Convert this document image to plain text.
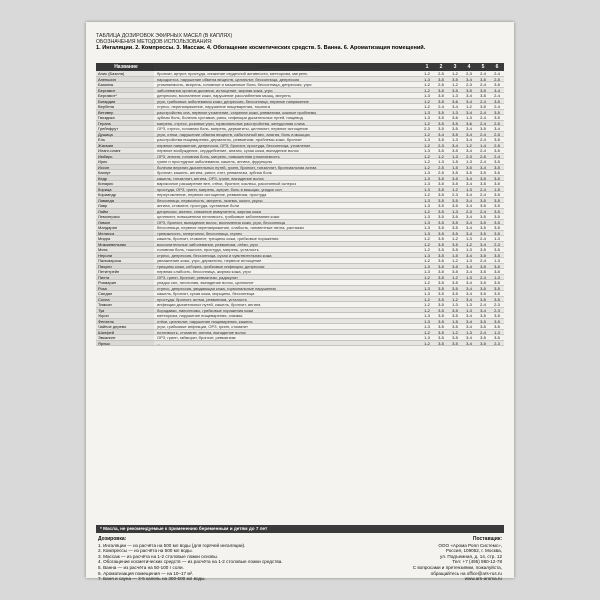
ТАБЛИЦА ДОЗИРОВОК ЭФИРНЫХ МАСЕЛ (В КАПЛЯХ)
ОБОЗНАЧЕНИЯ МЕТОДОВ ИСПОЛЬЗОВАНИЯ:
1. Ингаляции. 2. Компрессы. 3. Массаж. 4. Обогащение косметических средств. 5. Ванна. 6. Ароматизация помещений.
Название	Показания к применению	1	2	3	4	5	6
Анис (Базили)	бронхит, артрит, простуда, снижение сердечной активности, метеоризм, мигрень	1-2	2-5	1-2	2-3	2-4	2-4
Апельсин	пародонтоз, нарушение обмена веществ, целлюлит, бессонница, депрессия	1-3	3-5	3-5	3-4	3-5	2-5
Базилик	утомляемость, мигрень, головные и мышечные боли, бессонница, депрессия, угри	1-2	2-5	1-2	2-3	2-4	3-5
Бергамот	заболевания органов дыхания, истощение, жирная кожа, угри	1-2	3-5	3-5	3-5	3-5	3-4
Бергамот*	депрессия, воспаление кожи, нарушение расслабления мышц, мигрень	1-3	3-5	1-3	3-4	3-5	2-4
Бигардия	угри, грибковые заболевания кожи, депрессия, бессонница, нервное напряжение	1-2	3-5	3-6	3-4	2-4	3-5
Вербена	стресс, перенапряжение, нарушение пищеварения, тошнота	1-2	2-4	3-4	1-2	3-5	2-4
Ветивер	расстройство сна, нервное утомление, старение кожи, ревматизм, кожные проблемы	1-3	3-5	1-3	3-4	2-4	3-5
Гвоздика	зубная боль, болезнь суставов, раны, инфекции дыхательных путей, пищевод	1-3	3-5	3-6	1-3	2-4	3-5
Герань	мигрень, стресс, розовые угри, гормональные расстройства, желудочная слизь	1-2	3-5	3-5	3-6	2-4	2-5
Грейпфрут	ОРЗ, стресс, головная боль, мигрень, дерматиты, целлюлит, нервное истощение	2-3	3-5	3-5	3-4	3-5	3-4
Душица	угри, отеки, нарушение обмена веществ, избыточный вес, апатия, боль в мышцах	1-2	3-4	3-5	3-4	2-4	2-5
Ель	расстройства пищеварения, дерматиты, ревматизм, проблемы кожи, бронхит	1-3	3-5	1-3	3-4	2-4	3-5
Жасмин	нервное напряжение, депрессия, ОРЗ, бронхит, простуда, бессонница, утомление	1-2	2-3	3-4	1-2	1-4	2-5
Иланг-иланг	нервное возбуждение, сердцебиение, апатия, сухая кожа, выпадение волос	1-3	3-5	3-5	3-4	2-4	3-5
Имбирь	ОРЗ, ангина, головная боль, мигрень, повышенная утомляемость	1-2	1-2	1-3	2-3	2-5	2-4
Ирис	грипп и простудные заболевания, кашель, ангина, фурункулы	1-2	1-3	1-5	1-3	2-4	3-5
Иссоп	болезни верхних дыхательных путей, грипп, бронхит, тонзиллит, бронхиальная астма	1-2	2-5	1-5	3-5	3-4	3-5
Каяпут	бронхит, кашель, ангина, ринит, отит, ревматизм, зубная боль	1-3	2-5	3-5	3-5	3-5	3-5
Кедр	кашель, тонзиллит, ангина, ОРЗ, грипп, выпадение волос	1-3	3-5	3-5	3-4	3-5	3-5
Кипарис	варикозное расширение вен, отёки, бронхит, коклюш, рассеянный склероз	1-3	3-5	3-5	3-4	3-5	3-5
Корица	простуда, ОРЗ, грипп, мигрень, артрит, боль в мышцах, упадок сил	1-3	3-5	1-2	1-3	2-4	1-5
Кориандр	переутомление, нервное истощение, ревматизм, простуда	1-2	3-5	2-3	3-4	2-4	3-5
Лаванда	бессонница, нервозность, мигрень, экзема, ожоги, укусы	1-3	3-5	3-5	3-4	3-5	3-5
Лавр	ангина, стоматит, простуда, суставные боли	1-3	3-5	3-5	3-4	3-5	3-5
Лайм	депрессия, апатия, снижение иммунитета, жирная кожа	1-2	3-5	1-3	2-3	2-4	3-5
Лемонграсс	целлюлит, повышенная потливость, грибковые заболевания кожи	1-3	3-5	3-5	3-4	3-5	3-5
Лимон	ОРЗ, бронхит, выпадение волос, воспаления кожи, угри, бессонница	1-3	3-5	3-5	3-4	3-5	3-5
Мандарин	бессонница, нервное перенапряжение, слабость, пигментные пятна, растяжки	1-3	3-5	3-5	3-4	3-5	3-5
Мелисса	тревожность, гипертония, бессонница, герпес	1-3	3-5	3-5	3-4	3-5	3-5
Мирра	кашель, бронхит, стоматит, трещины кожи, грибковые поражения	1-2	3-5	1-2	1-3	2-4	1-3
Можжевельник	воспалительные заболевания, ревматизм, отёки, угри	1-2	3-5	3-5	1-2	3-4	2-3
Мята	головная боль, тошнота, простуда, мигрень, усталость	1-2	3-5	3-5	1-3	3-5	3-5
Нероли	стресс, депрессия, бессонница, сухая и чувствительная кожа	1-3	3-5	1-5	3-4	3-5	3-5
Пальмароза	увлажнение кожи, угри, дерматиты, нервное истощение	1-2	3-5	1-2	1-3	2-4	1-3
Пачули	трещины кожи, себорея, грибковые инфекции, депрессия	1-3	3-5	3-5	3-4	3-5	3-5
Петитгрейн	нервная слабость, бессонница, жирная кожа, угри	1-3	3-5	3-5	3-4	3-5	3-5
Пихта	ОРЗ, грипп, бронхит, ревматизм, радикулит	1-2	3-5	1-2	1-3	2-4	1-3
Розмарин	упадок сил, гипотония, выпадение волос, целлюлит	1-2	3-5	3-5	3-4	3-5	3-5
Роза	стресс, депрессия, увядающая кожа, гормональные нарушения	1-3	3-5	3-5	3-4	3-5	3-5
Сандал	кашель, бронхит, сухая кожа, морщины, бессонница	1-3	3-5	3-5	3-4	3-5	3-5
Сосна	простуда, бронхит, астма, ревматизм, усталость	1-2	3-5	1-2	3-4	3-5	3-5
Тимьян	инфекции дыхательных путей, кашель, бронхит, ангина	1-2	3-5	1-3	1-3	2-4	2-3
Туя	бородавки, папилломы, грибковые поражения кожи	1-2	3-5	3-5	1-3	3-4	2-3
Укроп	метеоризм, нарушение пищеварения, спазмы	1-3	3-5	3-5	3-4	3-5	3-5
Фенхель	отёки, целлюлит, нарушение пищеварения, кашель	1-3	3-5	1-5	3-4	3-5	3-5
Чайное дерево	угри, грибковые инфекции, ОРЗ, грипп, стоматит	1-3	3-5	3-5	3-4	3-5	3-5
Шалфей	потливость, стоматит, ангина, выпадение волос	1-2	3-5	1-2	1-3	2-4	1-3
Эвкалипт	ОРЗ, грипп, гайморит, бронхит, ревматизм	1-3	3-5	3-5	3-4	3-5	3-5
Ярлык	...	1-2	3-5	3-5	3-4	3-5	2-3
* Масла, не рекомендуемые к применению беременным и детям до 7 лет
Дозировка:
1. Ингаляции — из расчёта на 500 мл воды (для горячей ингаляции).
2. Компрессы — из расчёта на 500 мл воды.
3. Массаж — из расчёта на 1-2 столовые ложки основы.
4. Обогащение косметических средств — из расчёта на 1-2 столовые ложки средства.
5. Ванна — из расчёта на 50-100 г соли.
6. Ароматизация помещения — на 10–17 м².
7. Баня и сауна — 3-5 капель на 300-500 мл воды.
Поставщик:
ООО «Арома Роял Системс»,
Россия, 109052, г. Москва,
ул. Подъемная, д. 14, стр. 12
Тел: +7 (495) 980-12-78
С вопросами и претензиями, пожалуйста,
обращайтесь на office@ars-rus.ru
www.ars-aroma.ru
